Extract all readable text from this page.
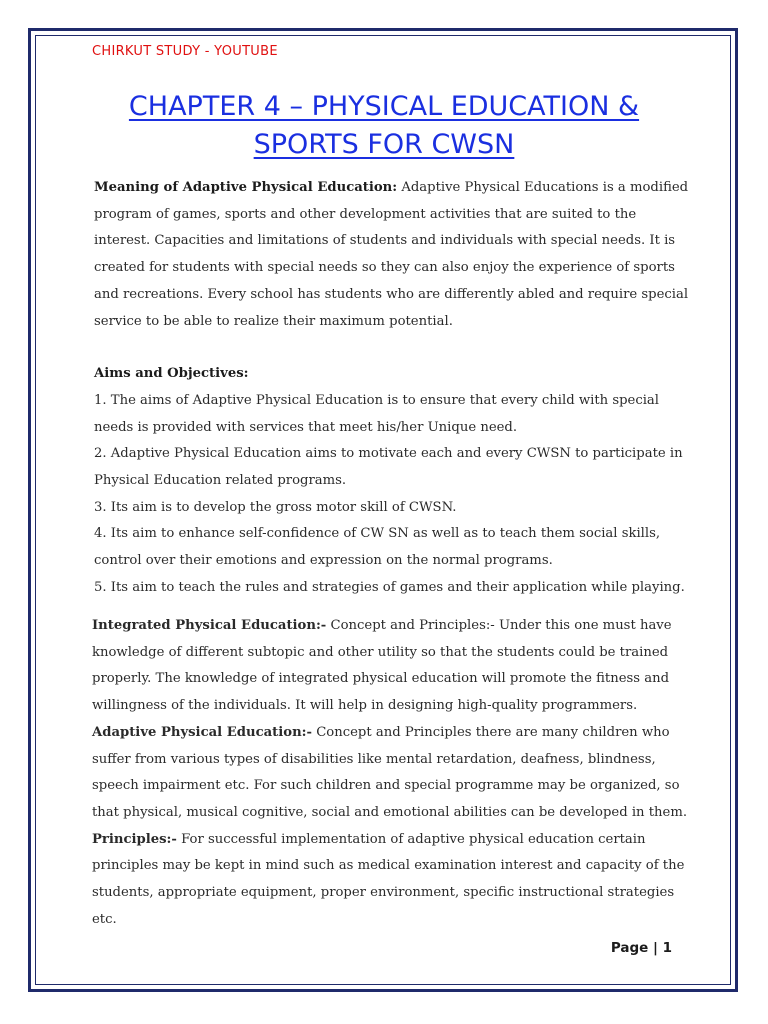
CHIRKUT STUDY - YOUTUBE
CHAPTER 4 – PHYSICAL EDUCATION &
SPORTS FOR CWSN

Meaning of Adaptive Physical Education: Adaptive Physical Educations is a modified program of games, sports and other development activities that are suited to the interest. Capacities and limitations of students and individuals with special needs. It is created for students with special needs so they can also enjoy the experience of sports and recreations. Every school has students who are differently abled and require special service to be able to realize their maximum potential.

Aims and Objectives:

1. The aims of Adaptive Physical Education is to ensure that every child with special needs is provided with services that meet his/her Unique need.

2. Adaptive Physical Education aims to motivate each and every CWSN to participate in Physical Education related programs.

3. Its aim is to develop the gross motor skill of CWSN.

4. Its aim to enhance self-confidence of CW SN as well as to teach them social skills, control over their emotions and expression on the normal programs.

5. Its aim to teach the rules and strategies of games and their application while playing.

Integrated Physical Education:- Concept and Principles:- Under this one must have knowledge of different subtopic and other utility so that the students could be trained properly. The knowledge of integrated physical education will promote the fitness and willingness of the individuals. It will help in designing high-quality programmers.

Adaptive Physical Education:- Concept and Principles there are many children who suffer from various types of disabilities like mental retardation, deafness, blindness, speech impairment etc. For such children and special programme may be organized, so that physical, musical cognitive, social and emotional abilities can be developed in them.

Principles:- For successful implementation of adaptive physical education certain principles may be kept in mind such as medical examination interest and capacity of the students, appropriate equipment, proper environment, specific instructional strategies etc.

Page | 1
